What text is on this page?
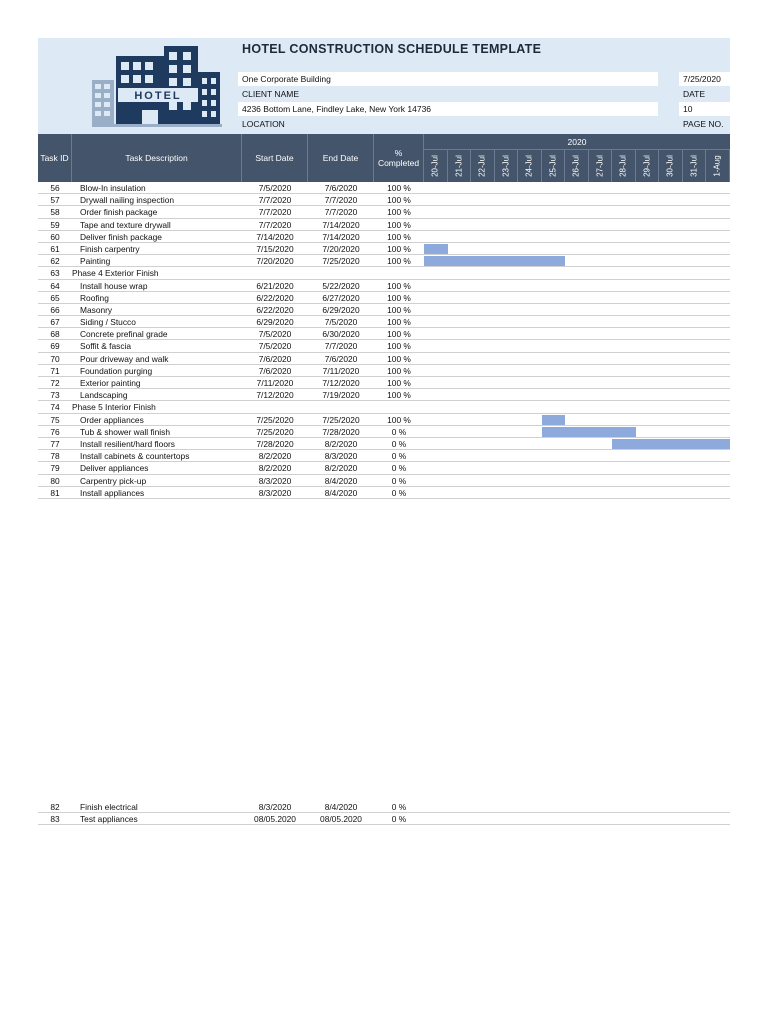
HOTEL
HOTEL CONSTRUCTION SCHEDULE TEMPLATE
One Corporate Building	7/25/2020
CLIENT NAME	DATE
4236 Bottom Lane, Findley Lake, New York 14736	10
LOCATION	PAGE NO.
Task ID	Task Description	Start Date	End Date	% Completed
2020
20-Jul 21-Jul 22-Jul 23-Jul 24-Jul 25-Jul 26-Jul 27-Jul 28-Jul 29-Jul 30-Jul 31-Jul 1-Aug
56	Blow-In insulation	7/5/2020	7/6/2020	100 %
57	Drywall nailing inspection	7/7/2020	7/7/2020	100 %
58	Order finish package	7/7/2020	7/7/2020	100 %
59	Tape and texture drywall	7/7/2020	7/14/2020	100 %
60	Deliver finish package	7/14/2020	7/14/2020	100 %
61	Finish carpentry	7/15/2020	7/20/2020	100 %
62	Painting	7/20/2020	7/25/2020	100 %
63	Phase 4 Exterior Finish
64	Install house wrap	6/21/2020	5/22/2020	100 %
65	Roofing	6/22/2020	6/27/2020	100 %
66	Masonry	6/22/2020	6/29/2020	100 %
67	Siding / Stucco	6/29/2020	7/5/2020	100 %
68	Concrete prefinal grade	7/5/2020	6/30/2020	100 %
69	Soffit & fascia	7/5/2020	7/7/2020	100 %
70	Pour driveway and walk	7/6/2020	7/6/2020	100 %
71	Foundation purging	7/6/2020	7/11/2020	100 %
72	Exterior painting	7/11/2020	7/12/2020	100 %
73	Landscaping	7/12/2020	7/19/2020	100 %
74	Phase 5 Interior Finish
75	Order appliances	7/25/2020	7/25/2020	100 %
76	Tub & shower wall finish	7/25/2020	7/28/2020	0 %
77	Install resilient/hard floors	7/28/2020	8/2/2020	0 %
78	Install cabinets & countertops	8/2/2020	8/3/2020	0 %
79	Deliver appliances	8/2/2020	8/2/2020	0 %
80	Carpentry pick-up	8/3/2020	8/4/2020	0 %
81	Install appliances	8/3/2020	8/4/2020	0 %
82	Finish electrical	8/3/2020	8/4/2020	0 %
83	Test appliances	08/05.2020	08/05.2020	0 %
